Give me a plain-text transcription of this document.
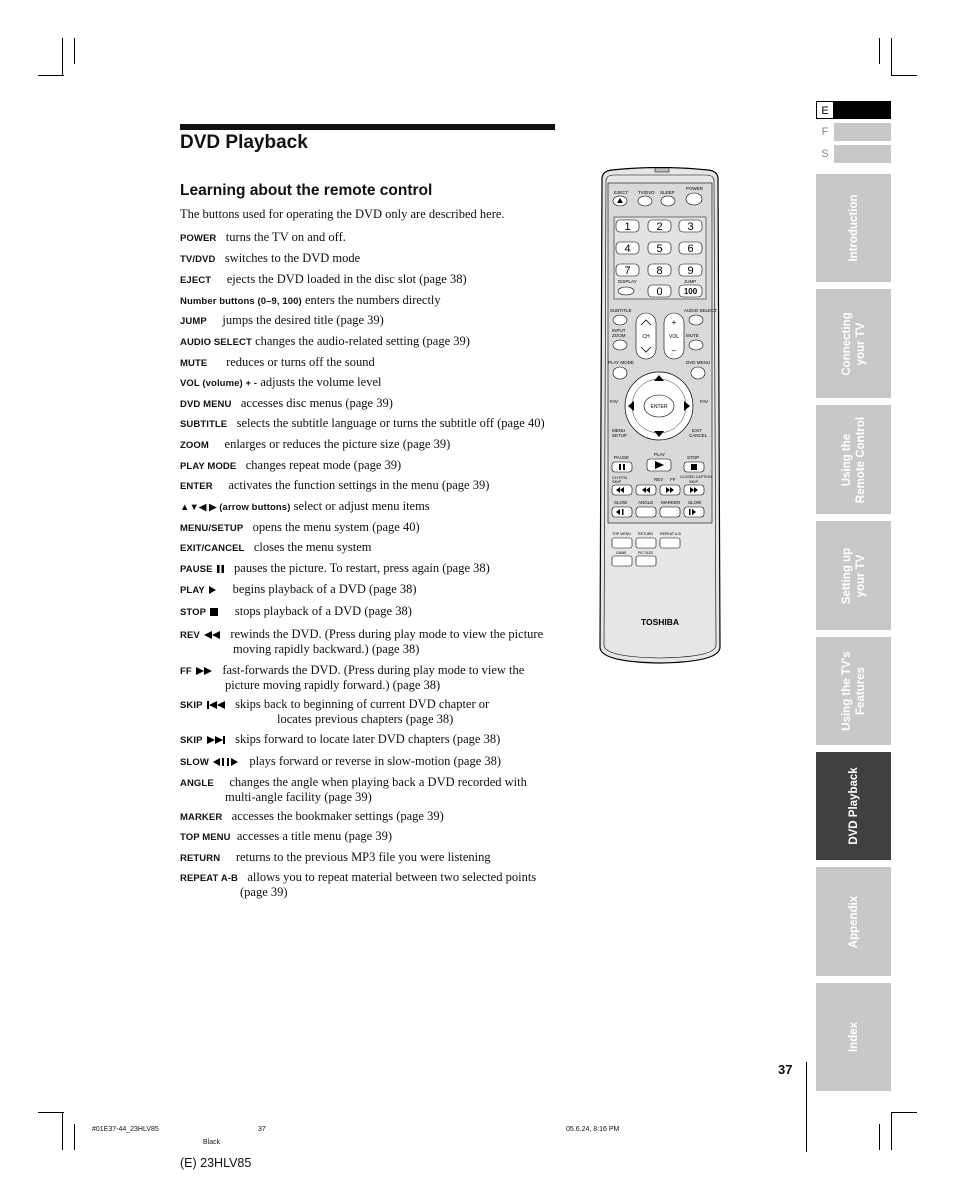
DVD Playback
Learning about the remote control
The buttons used for operating the DVD only are described here.
POWER turns the TV on and off.
TV/DVD switches to the DVD mode
EJECT ejects the DVD loaded in the disc slot (page 38)
Number buttons (0–9, 100) enters the numbers directly
JUMP jumps the desired title (page 39)
AUDIO SELECT changes the audio-related setting (page 39)
MUTE reduces or turns off the sound
VOL (volume) + - adjusts the volume level
DVD MENU accesses disc menus (page 39)
SUBTITLE selects the subtitle language or turns the subtitle off (page 40)
ZOOM enlarges or reduces the picture size (page 39)
PLAY MODE changes repeat mode (page 39)
ENTER activates the function settings in the menu (page 39)
▲▼◀ ▶ (arrow buttons) select or adjust menu items
MENU/SETUP opens the menu system (page 40)
EXIT/CANCEL closes the menu system
PAUSE pauses the picture. To restart, press again (page 38)
PLAY begins playback of a DVD (page 38)
STOP stops playback of a DVD (page 38)
REV rewinds the DVD. (Press during play mode to view the picture
moving rapidly backward.) (page 38)
FF fast-forwards the DVD. (Press during play mode to view the
picture moving rapidly forward.) (page 38)
SKIP	skips back to beginning of current DVD chapter or
locates previous chapters (page 38)
SKIP	skips forward to locate later DVD chapters (page 38)
SLOW	plays forward or reverse in slow-motion (page 38)
ANGLE changes the angle when playing back a DVD recorded with
multi-angle facility (page 39)
MARKER accesses the bookmaker settings (page 39)
TOP MENU accesses a title menu (page 39)
RETURN returns to the previous MP3 file you were listening
REPEAT A-B allows you to repeat material between two selected points
(page 39)
EJECT TV/DVD SLEEP
POWER
1 2 3
4 5 6
7 8 9
0	100
DISPLAY	JUMP
SUBTITLE	AUDIO SELECT
INPUT
ZOOM	MUTE
CH
+
VOL
–
PLAY MODE	DVD MENU
ENTER
FAV	FAV
MENU
SETUP
EXIT
CANCEL
PAUSE
PLAY
STOP
CH RTN
SKIP	REV FF CLOSED CAPTION
SKIP
SLOW ANGLE MARKER SLOW
TOP MENU RETURN REPEAT A-B
GAME	PIC SIZE
TOSHIBA
E
F
S
Introduction
Connecting your TV
Using the Remote Control
Setting up your TV
Using the TV's Features
DVD Playback
Appendix
Index
37
#01E37-44_23HLV85	37	05.6.24, 8:16 PM
Black
(E) 23HLV85
